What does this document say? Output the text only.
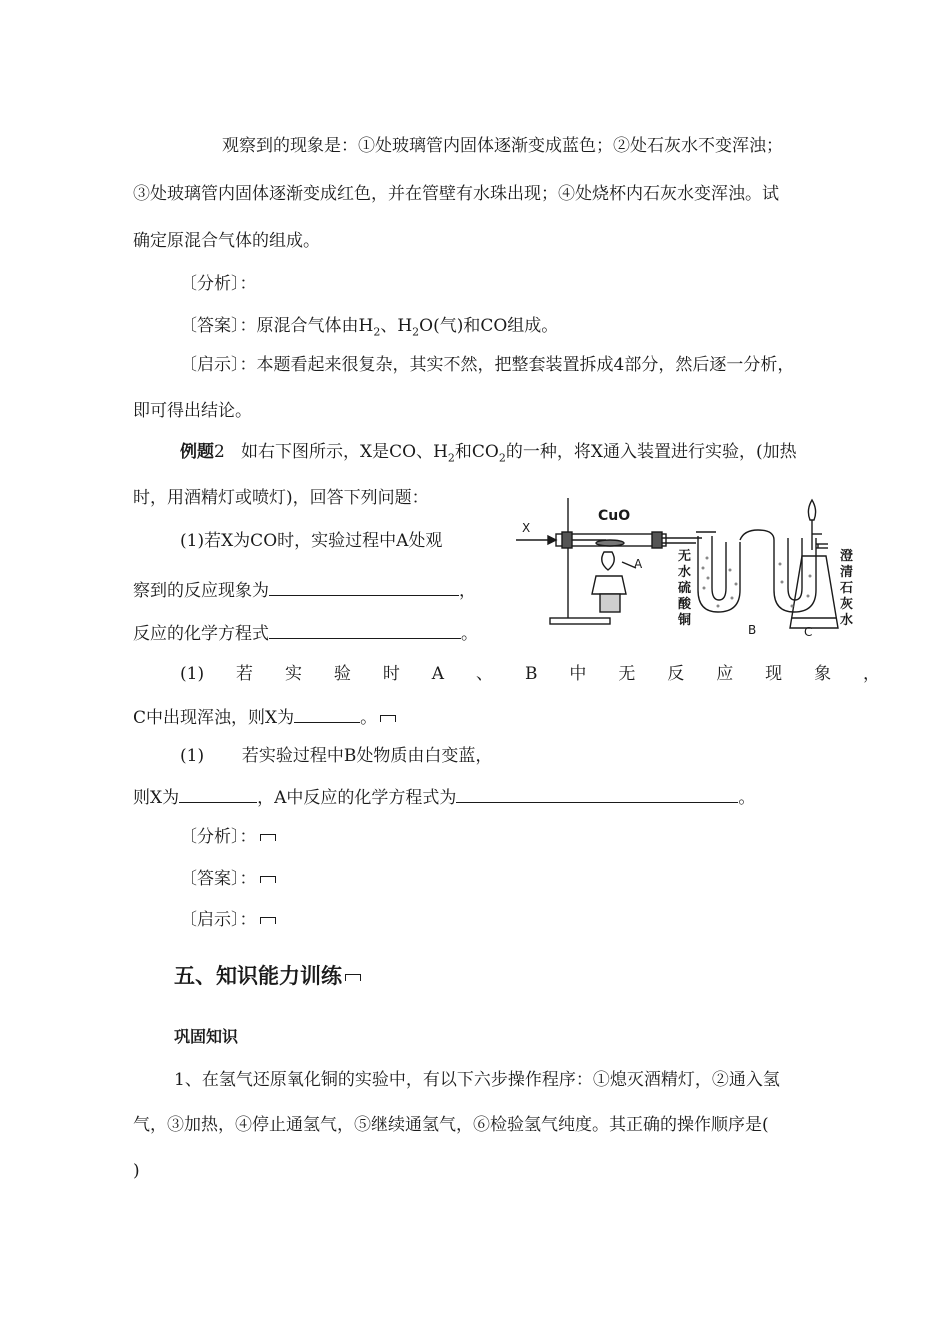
观察到的现象是：①处玻璃管内固体逐渐变成蓝色；②处石灰水不变浑浊；
③处玻璃管内固体逐渐变成红色，并在管壁有水珠出现；④处烧杯内石灰水变浑浊。试
确定原混合气体的组成。
〔分析〕：
〔答案〕：原混合气体由$H_2$、$H_2O$(气)和CO组成。
〔启示〕：本题看起来很复杂，其实不然，把整套装置拆成4部分，然后逐一分析，
即可得出结论。
例题2 如右下图所示，X是CO、$H_2$和$CO_2$的一种，将X通入装置进行实验，(加热
时，用酒精灯或喷灯)，回答下列问题：
(1)若X为CO时，实验过程中A处观
察到的反应现象为	，
反应的化学方程式	。
(1) 若 实 验 时 A 、 B 中 无 反 应 现 象 ，
C中出现浑浊，则X为	。
(1) 若实验过程中B处物质由白变蓝，
则X为	，A中反应的化学方程式为	。
〔分析〕：
〔答案〕：
〔启示〕：
五、知识能力训练
巩固知识
1、在氢气还原氧化铜的实验中，有以下六步操作程序：①熄灭酒精灯，②通入氢
气，③加热，④停止通氢气，⑤继续通氢气，⑥检验氢气纯度。其正确的操作顺序是(
)
X
CuO
A
B	C
无
水
硫
酸
铜
澄
清
石
灰
水
